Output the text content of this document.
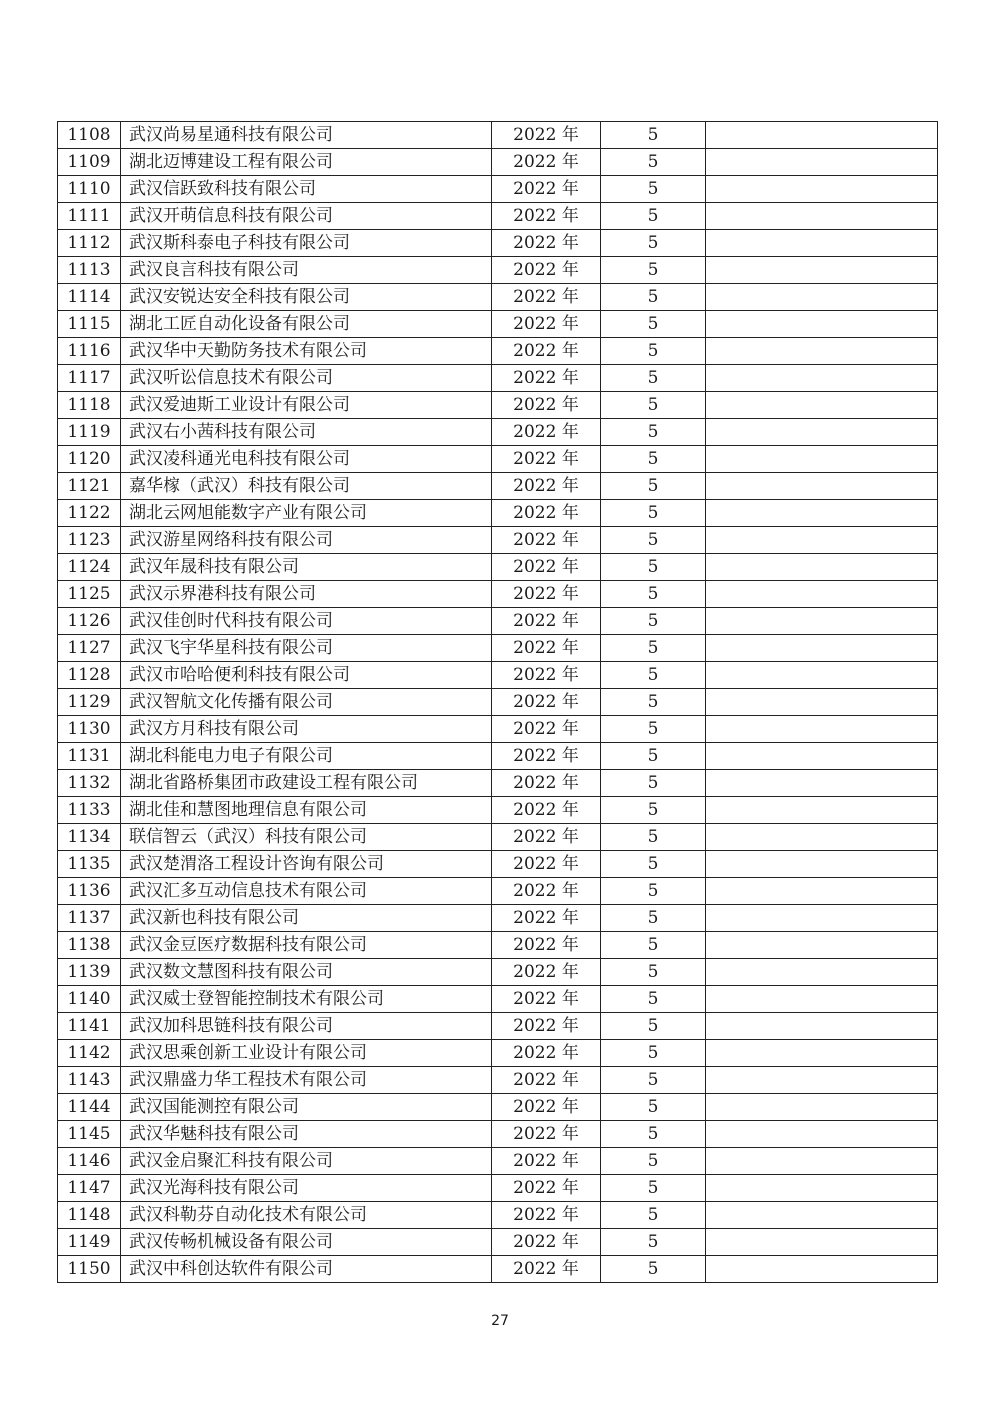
1108	武汉尚易星通科技有限公司	2022 年	5	
1109	湖北迈博建设工程有限公司	2022 年	5	
1110	武汉信跃致科技有限公司	2022 年	5	
1111	武汉开萌信息科技有限公司	2022 年	5	
1112	武汉斯科泰电子科技有限公司	2022 年	5	
1113	武汉良言科技有限公司	2022 年	5	
1114	武汉安锐达安全科技有限公司	2022 年	5	
1115	湖北工匠自动化设备有限公司	2022 年	5	
1116	武汉华中天勤防务技术有限公司	2022 年	5	
1117	武汉听讼信息技术有限公司	2022 年	5	
1118	武汉爱迪斯工业设计有限公司	2022 年	5	
1119	武汉右小茜科技有限公司	2022 年	5	
1120	武汉凌科通光电科技有限公司	2022 年	5	
1121	嘉华榢（武汉）科技有限公司	2022 年	5	
1122	湖北云网旭能数字产业有限公司	2022 年	5	
1123	武汉游星网络科技有限公司	2022 年	5	
1124	武汉年晟科技有限公司	2022 年	5	
1125	武汉示界港科技有限公司	2022 年	5	
1126	武汉佳创时代科技有限公司	2022 年	5	
1127	武汉飞宇华星科技有限公司	2022 年	5	
1128	武汉市哈哈便利科技有限公司	2022 年	5	
1129	武汉智航文化传播有限公司	2022 年	5	
1130	武汉方月科技有限公司	2022 年	5	
1131	湖北科能电力电子有限公司	2022 年	5	
1132	湖北省路桥集团市政建设工程有限公司	2022 年	5	
1133	湖北佳和慧图地理信息有限公司	2022 年	5	
1134	联信智云（武汉）科技有限公司	2022 年	5	
1135	武汉楚渭洛工程设计咨询有限公司	2022 年	5	
1136	武汉汇多互动信息技术有限公司	2022 年	5	
1137	武汉新也科技有限公司	2022 年	5	
1138	武汉金豆医疗数据科技有限公司	2022 年	5	
1139	武汉数文慧图科技有限公司	2022 年	5	
1140	武汉威士登智能控制技术有限公司	2022 年	5	
1141	武汉加科思链科技有限公司	2022 年	5	
1142	武汉思乘创新工业设计有限公司	2022 年	5	
1143	武汉鼎盛力华工程技术有限公司	2022 年	5	
1144	武汉国能测控有限公司	2022 年	5	
1145	武汉华魅科技有限公司	2022 年	5	
1146	武汉金启聚汇科技有限公司	2022 年	5	
1147	武汉光海科技有限公司	2022 年	5	
1148	武汉科勒芬自动化技术有限公司	2022 年	5	
1149	武汉传畅机械设备有限公司	2022 年	5	
1150	武汉中科创达软件有限公司	2022 年	5	
27
